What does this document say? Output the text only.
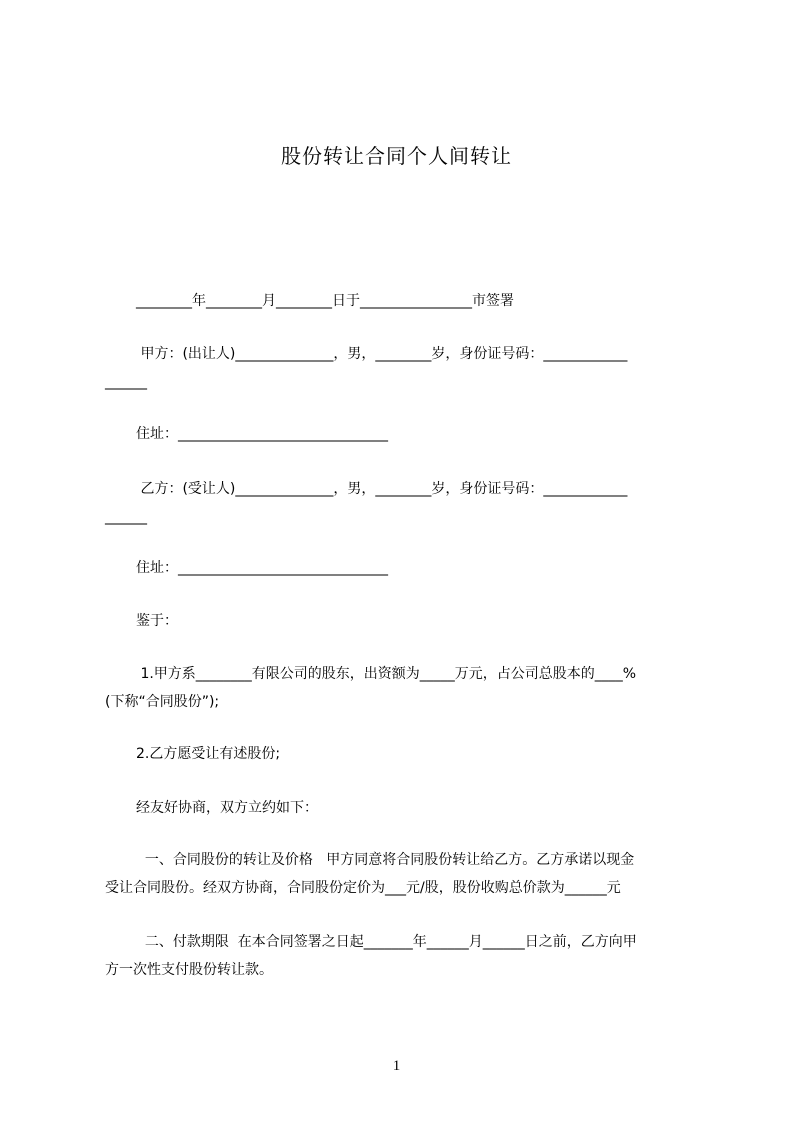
股份转让合同个人间转让
________年________月________日于________________市签署
甲方：(出让人)______________，男，________岁，身份证号码：____________
______
住址：______________________________
乙方：(受让人)______________，男，________岁，身份证号码：____________
______
住址：______________________________
鉴于：
1.甲方系________有限公司的股东，出资额为_____万元，占公司总股本的____%
(下称“合同股份”);
2.乙方愿受让有述股份;
经友好协商，双方立约如下：
一、合同股份的转让及价格   甲方同意将合同股份转让给乙方。乙方承诺以现金
受让合同股份。经双方协商，合同股份定价为___元/股，股份收购总价款为______元
二、付款期限  在本合同签署之日起_______年______月______日之前，乙方向甲
方一次性支付股份转让款。
1
